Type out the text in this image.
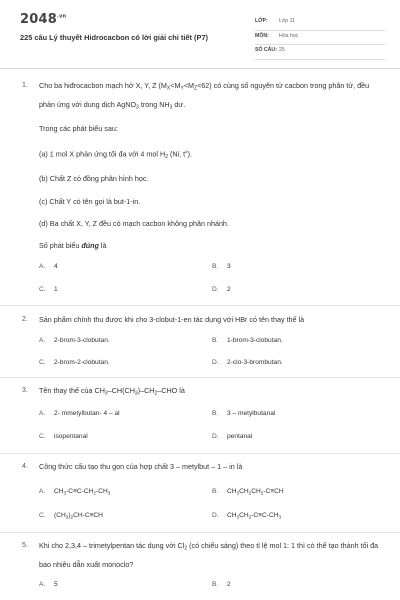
$2048^{.vn}$
225 câu Lý thuyết Hidrocacbon có lời giải chi tiết (P7)
LỚP: Lớp 11
MÔN: Hóa học
SỐ CÂU: 25
1. Cho ba hiđrocacbon mạch hở X, Y, Z $(M_X<M_Y<M_Z<62)$ có cùng số nguyên tử cacbon trong phân tử, đều phản ứng với dung dịch AgNO$_3$ trong $NH_3$ dư.
Trong các phát biểu sau:
(a) 1 mol X phản ứng tối đa với 4 mol $H_2$ (Ni, $t^o$).
(b) Chất Z có đồng phân hình học.
(c) Chất Y có tên gọi là but-1-in.
(d) Ba chất X, Y, Z đều có mạch cacbon không phân nhánh.
Số phát biểu đúng là
A. 4	B. 3
C. 1	D. 2
2. Sản phẩm chính thu được khi cho 3-clobut-1-en tác dụng với HBr có tên thay thế là
A. 2-brom-3-clobutan.	B. 1-brom-3-clobutan.
C. 2-brom-2-clobutan.	D. 2-clo-3-brombutan.
3. Tên thay thế của $CH_3-CH(CH_3)-CH_2$–CHO là
A. 2- mmetylbutan- 4 – al	B. 3 – metylbutanal
C. isopentanal	D. pentanal
4. Công thức cấu tạo thu gọn của hợp chất 3 – metylbut – 1 – in là
A. $CH_3-C\equiv C-CH_2-CH_3$	B. $CH_3CH_2CH_2-C\equiv CH$
C. $(CH_3)_2CH-C\equiv CH$	D. $CH_3CH_2-C\equiv C-CH_3$
5. Khi cho 2,3,4 – trimetylpentan tác dụng với $Cl_2$ (có chiếu sáng) theo tỉ lệ mol 1: 1 thì có thể tạo thành tối đa bao nhiêu dẫn xuất monoclo?
A. 5	B. 2
